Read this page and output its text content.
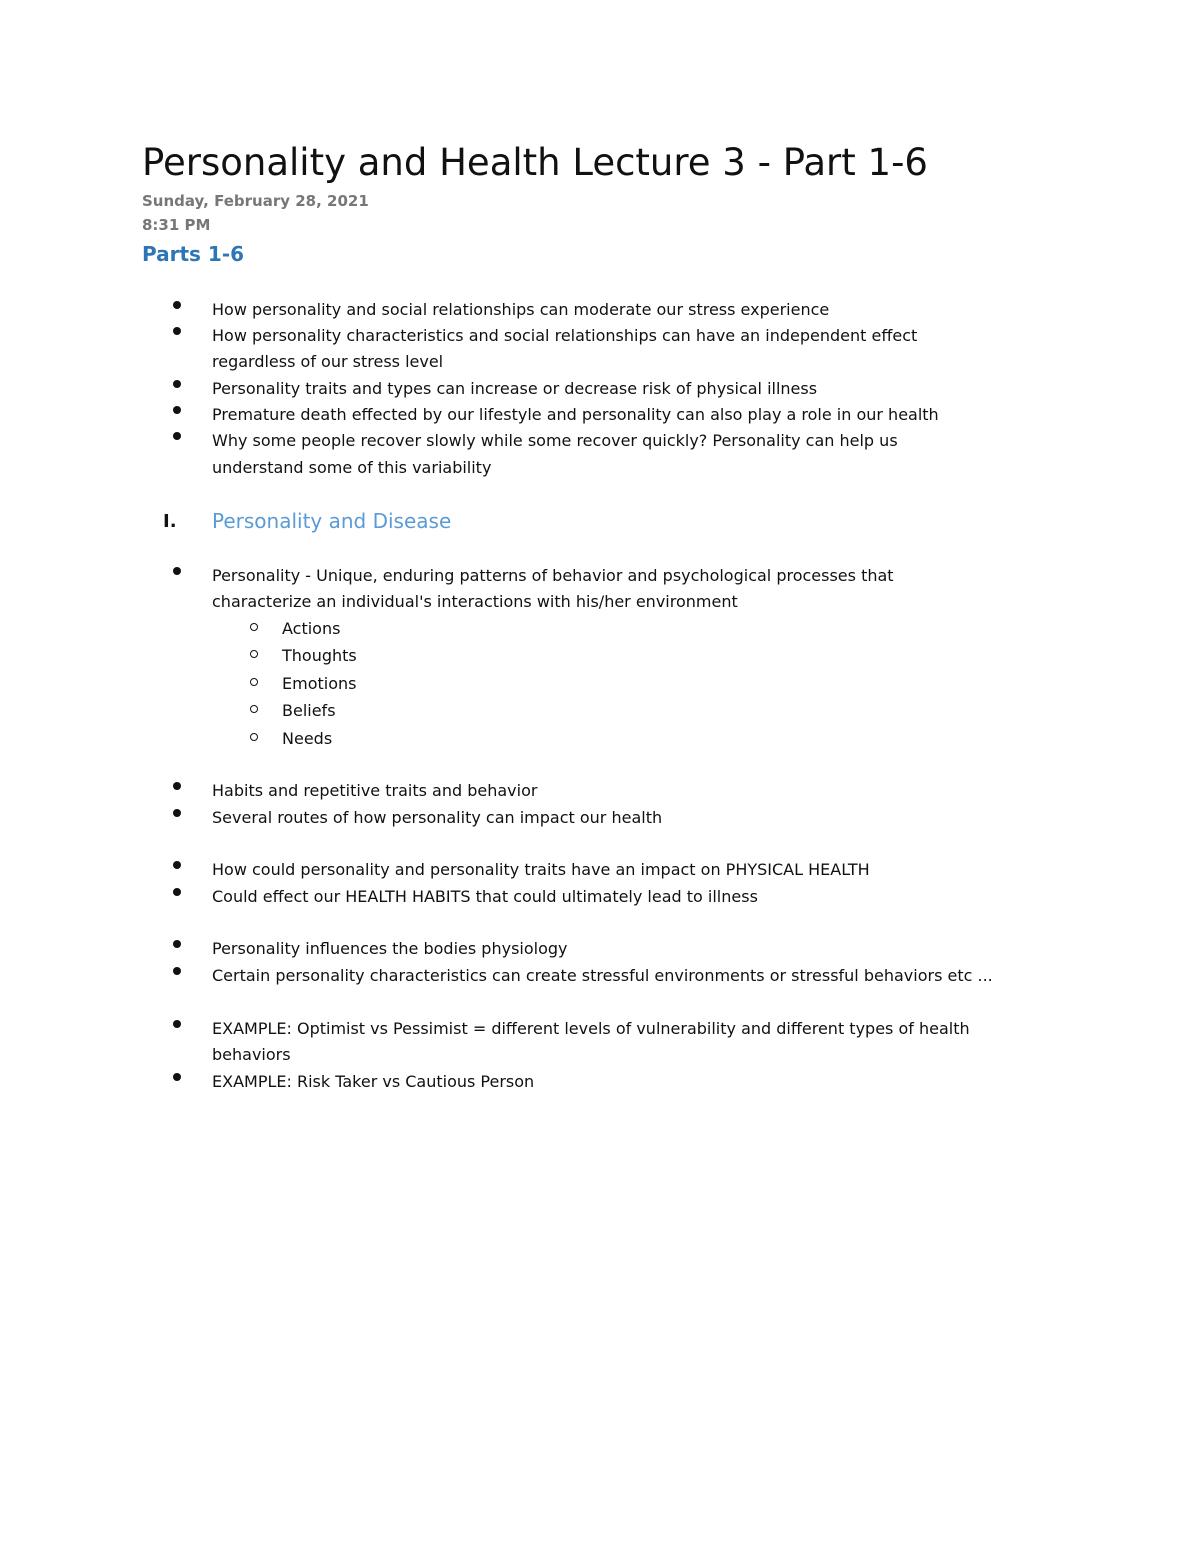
Personality and Health Lecture 3 - Part 1-6
Sunday, February 28, 2021
8:31 PM
Parts 1-6
How personality and social relationships can moderate our stress experience
How personality characteristics and social relationships can have an independent effect
regardless of our stress level
Personality traits and types can increase or decrease risk of physical illness
Premature death effected by our lifestyle and personality can also play a role in our health
Why some people recover slowly while some recover quickly? Personality can help us
understand some of this variability
I. Personality and Disease
Personality - Unique, enduring patterns of behavior and psychological processes that
characterize an individual's interactions with his/her environment
Actions
Thoughts
Emotions
Beliefs
Needs
Habits and repetitive traits and behavior
Several routes of how personality can impact our health
How could personality and personality traits have an impact on PHYSICAL HEALTH
Could effect our HEALTH HABITS that could ultimately lead to illness
Personality influences the bodies physiology
Certain personality characteristics can create stressful environments or stressful behaviors etc ...
EXAMPLE: Optimist vs Pessimist = different levels of vulnerability and different types of health
behaviors
EXAMPLE: Risk Taker vs Cautious Person
